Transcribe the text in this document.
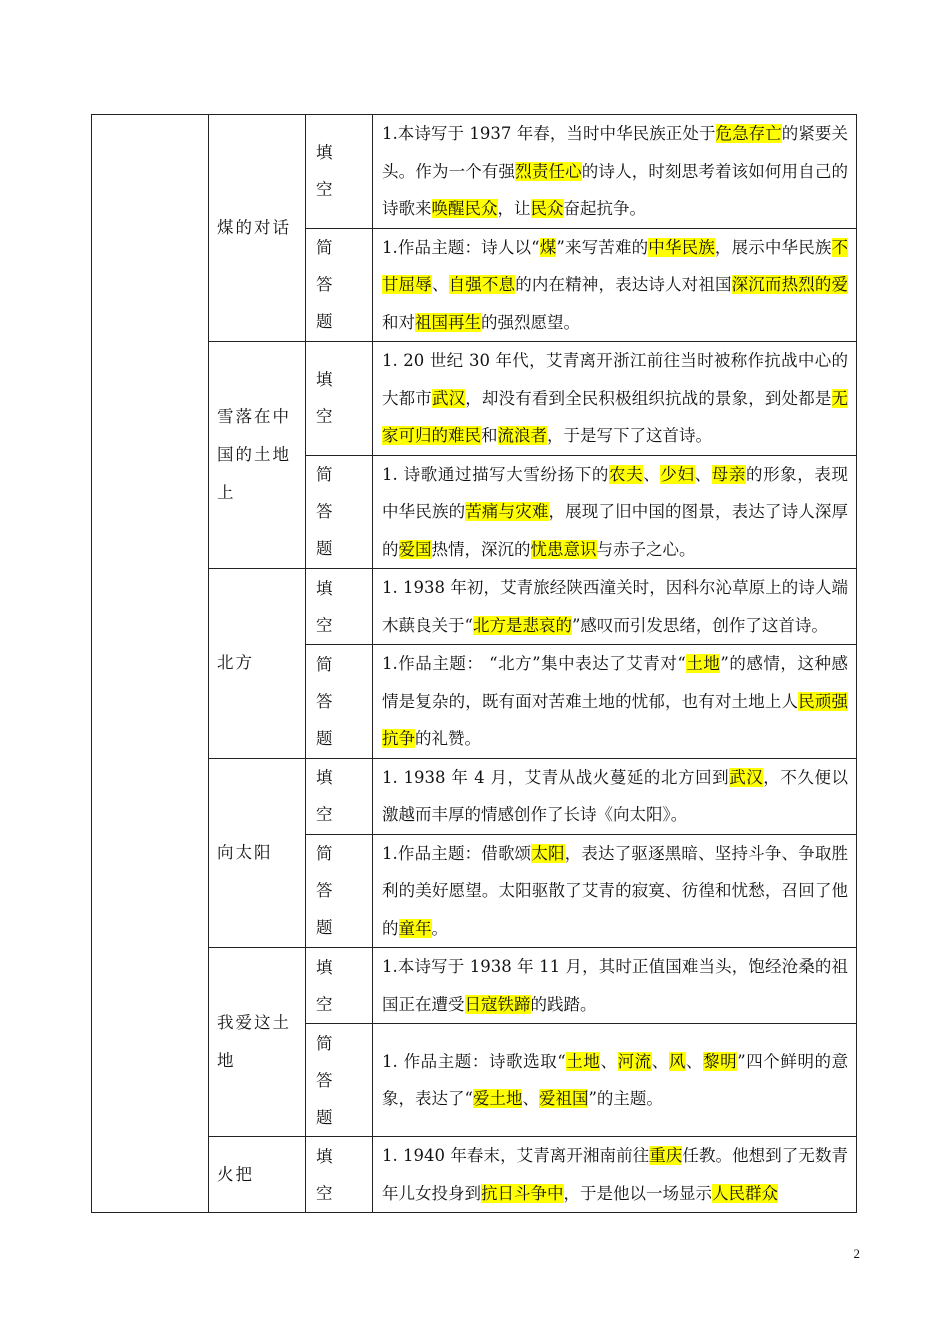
	煤的对话	填空	1.本诗写于 1937 年春，当时中华民族正处于危急存亡的紧要关头。作为一个有强烈责任心的诗人，时刻思考着该如何用自己的诗歌来唤醒民众，让民众奋起抗争。

		简答题	1.作品主题：诗人以“煤”来写苦难的中华民族，展示中华民族不甘屈辱、自强不息的内在精神，表达诗人对祖国深沉而热烈的爱和对祖国再生的强烈愿望。
	雪落在中国的土地上	填空	1. 20 世纪 30 年代，艾青离开浙江前往当时被称作抗战中心的大都市武汉，却没有看到全民积极组织抗战的景象，到处都是无家可归的难民和流浪者，于是写下了这首诗。

		简答题	1. 诗歌通过描写大雪纷扬下的农夫、少妇、母亲的形象，表现中华民族的苦痛与灾难，展现了旧中国的图景，表达了诗人深厚的爱国热情，深沉的忧患意识与赤子之心。
	北方	填空	1. 1938 年初，艾青旅经陕西潼关时，因科尔沁草原上的诗人端木蕻良关于“北方是悲哀的”感叹而引发思绪，创作了这首诗。

		简答题	1.作品主题： “北方”集中表达了艾青对“土地”的感情，这种感情是复杂的，既有面对苦难土地的忧郁，也有对土地上人民顽强抗争的礼赞。
	向太阳	填空	1. 1938 年 4 月，艾青从战火蔓延的北方回到武汉，不久便以激越而丰厚的情感创作了长诗《向太阳》。

		简答题	1.作品主题：借歌颂太阳，表达了驱逐黑暗、坚持斗争、争取胜利的美好愿望。太阳驱散了艾青的寂寞、彷徨和忧愁，召回了他的童年。
	我爱这土地	填空	1.本诗写于 1938 年 11 月，其时正值国难当头，饱经沧桑的祖国正在遭受日寇铁蹄的践踏。

		简答题	1. 作品主题：诗歌选取“土地、河流、风、黎明”四个鲜明的意象，表达了“爱土地、爱祖国”的主题。
	火把	填空	1. 1940 年春末，艾青离开湘南前往重庆任教。他想到了无数青年儿女投身到抗日斗争中，于是他以一场显示人民群众
2
